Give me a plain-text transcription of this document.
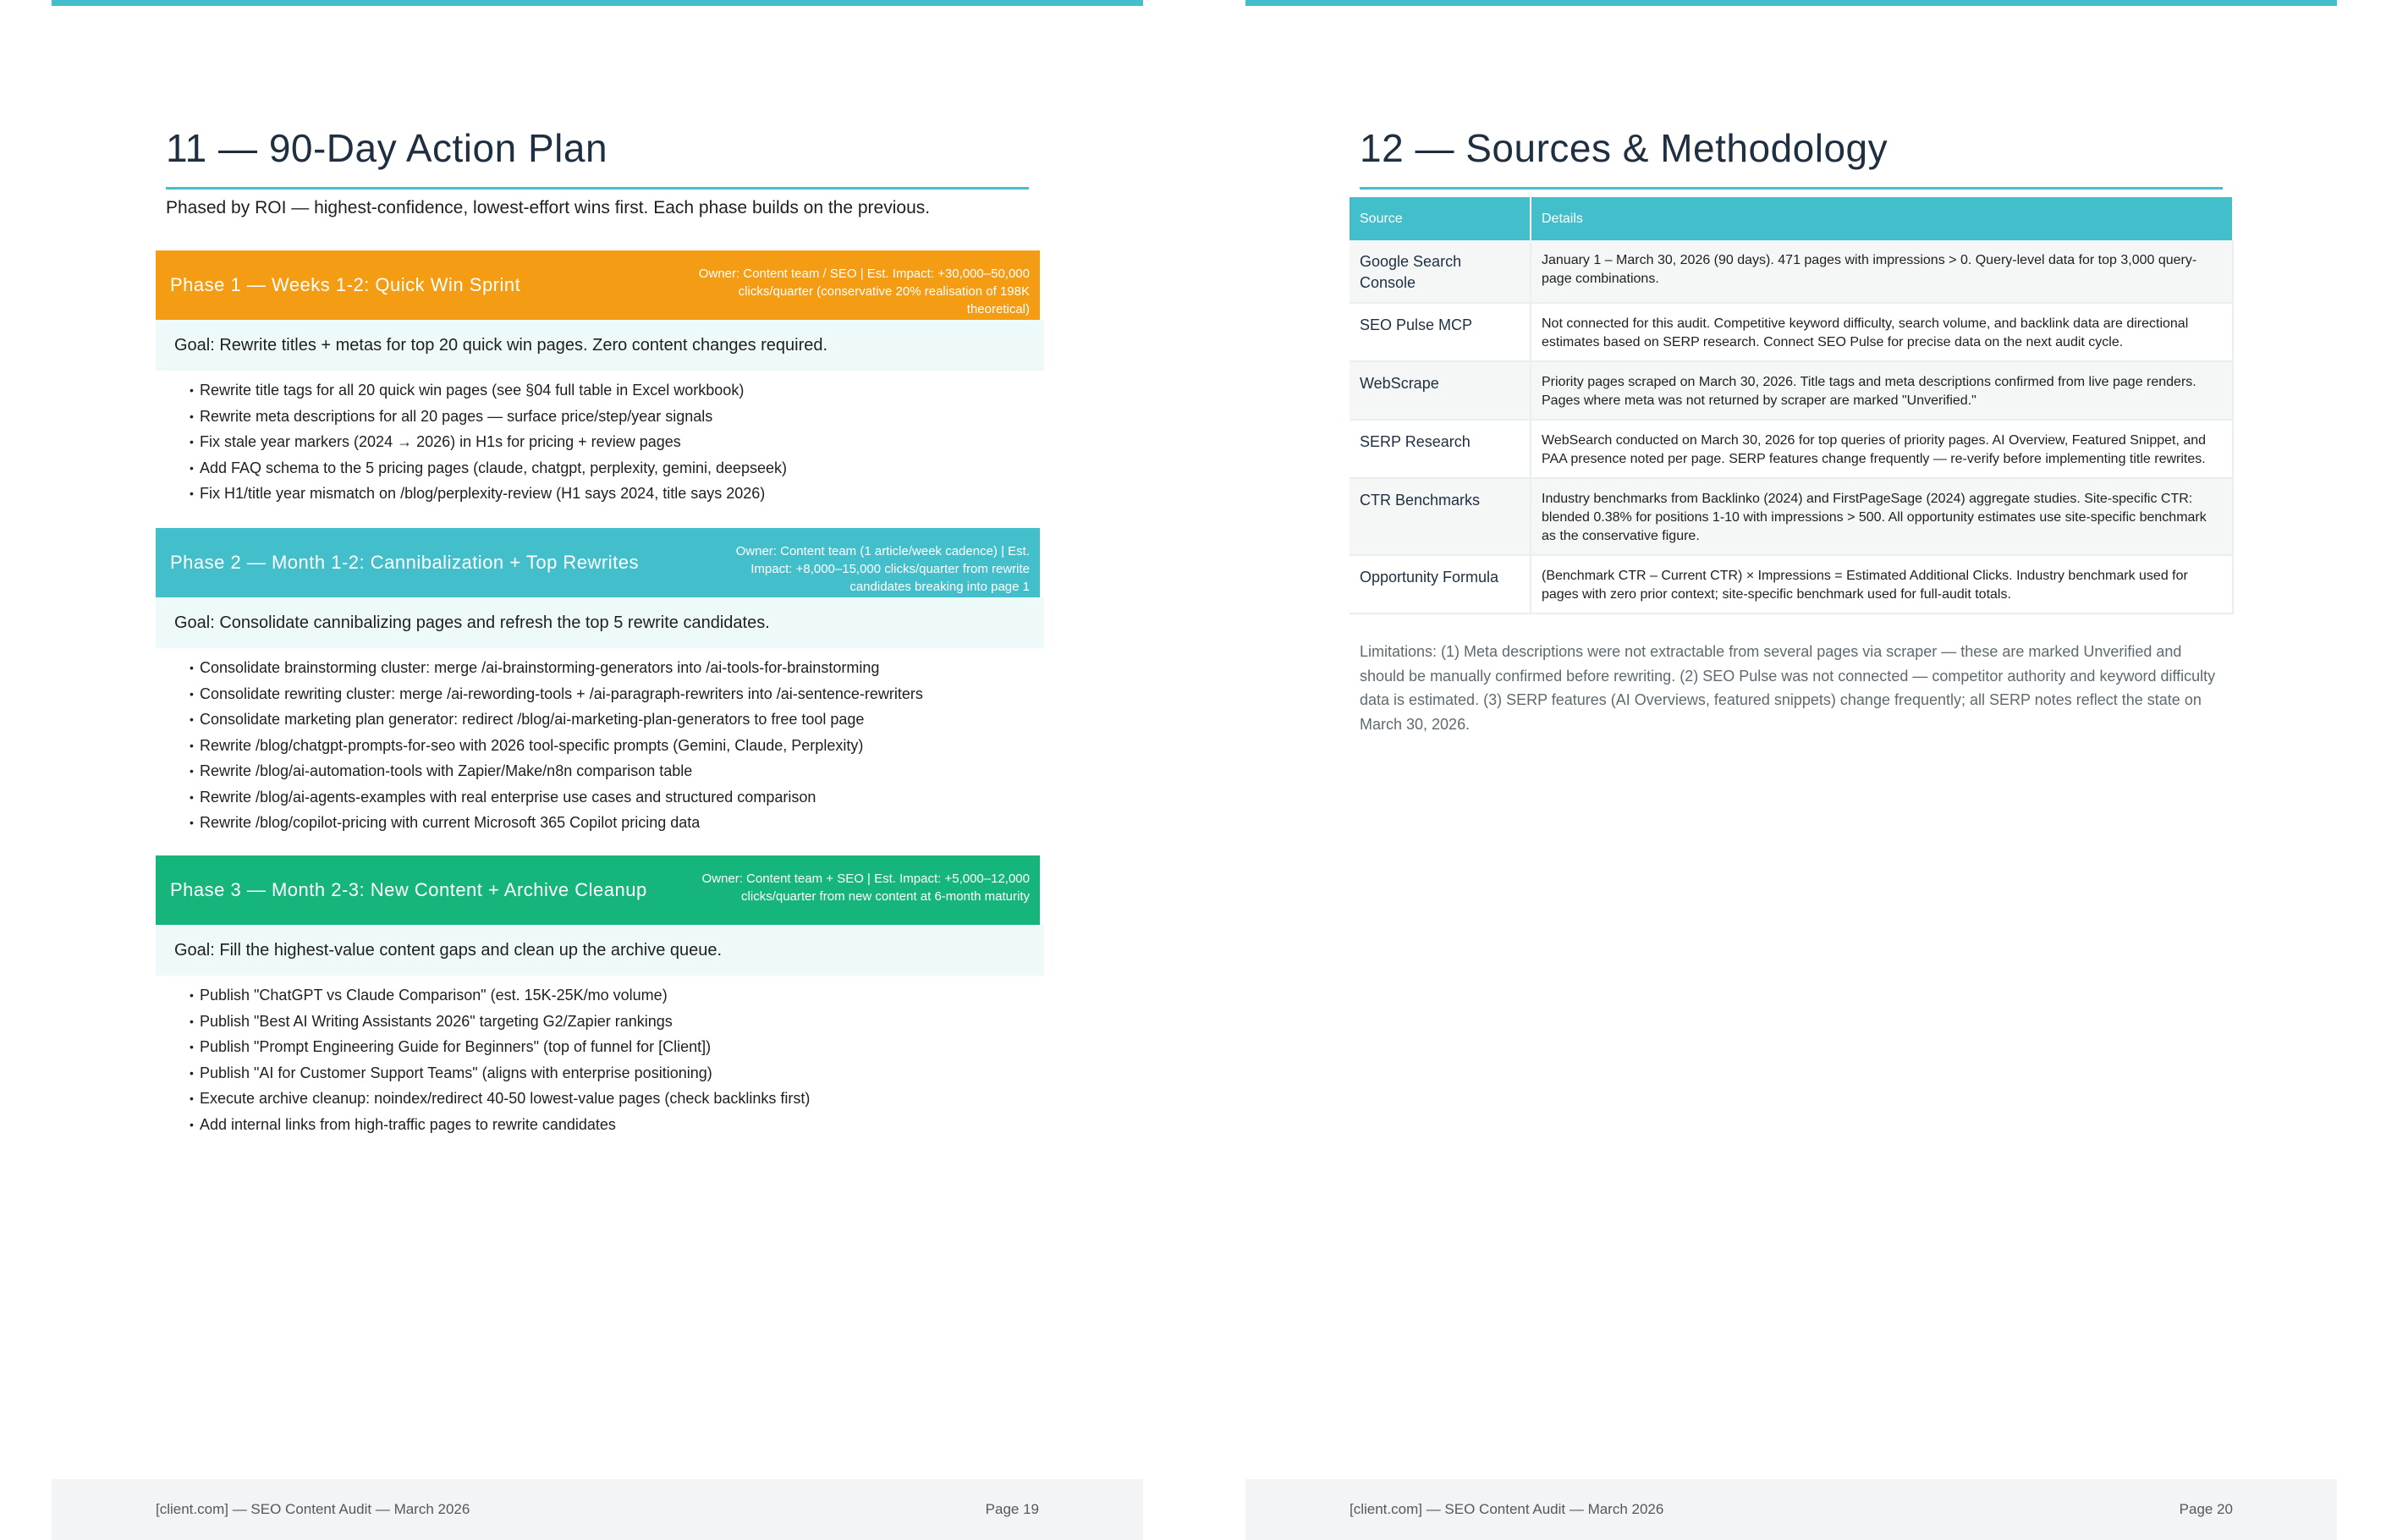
11 — 90-Day Action Plan
Phased by ROI — highest-confidence, lowest-effort wins first. Each phase builds on the previous.
Phase 1 — Weeks 1-2: Quick Win Sprint
Owner: Content team / SEO | Est. Impact: +30,000–50,000 clicks/quarter (conservative 20% realisation of 198K theoretical)
Goal: Rewrite titles + metas for top 20 quick win pages. Zero content changes required.
• Rewrite title tags for all 20 quick win pages (see §04 full table in Excel workbook)
• Rewrite meta descriptions for all 20 pages — surface price/step/year signals
• Fix stale year markers (2024 → 2026) in H1s for pricing + review pages
• Add FAQ schema to the 5 pricing pages (claude, chatgpt, perplexity, gemini, deepseek)
• Fix H1/title year mismatch on /blog/perplexity-review (H1 says 2024, title says 2026)
Phase 2 — Month 1-2: Cannibalization + Top Rewrites
Owner: Content team (1 article/week cadence) | Est. Impact: +8,000–15,000 clicks/quarter from rewrite candidates breaking into page 1
Goal: Consolidate cannibalizing pages and refresh the top 5 rewrite candidates.
• Consolidate brainstorming cluster: merge /ai-brainstorming-generators into /ai-tools-for-brainstorming
• Consolidate rewriting cluster: merge /ai-rewording-tools + /ai-paragraph-rewriters into /ai-sentence-rewriters
• Consolidate marketing plan generator: redirect /blog/ai-marketing-plan-generators to free tool page
• Rewrite /blog/chatgpt-prompts-for-seo with 2026 tool-specific prompts (Gemini, Claude, Perplexity)
• Rewrite /blog/ai-automation-tools with Zapier/Make/n8n comparison table
• Rewrite /blog/ai-agents-examples with real enterprise use cases and structured comparison
• Rewrite /blog/copilot-pricing with current Microsoft 365 Copilot pricing data
Phase 3 — Month 2-3: New Content + Archive Cleanup
Owner: Content team + SEO | Est. Impact: +5,000–12,000 clicks/quarter from new content at 6-month maturity
Goal: Fill the highest-value content gaps and clean up the archive queue.
• Publish "ChatGPT vs Claude Comparison" (est. 15K-25K/mo volume)
• Publish "Best AI Writing Assistants 2026" targeting G2/Zapier rankings
• Publish "Prompt Engineering Guide for Beginners" (top of funnel for [Client])
• Publish "AI for Customer Support Teams" (aligns with enterprise positioning)
• Execute archive cleanup: noindex/redirect 40-50 lowest-value pages (check backlinks first)
• Add internal links from high-traffic pages to rewrite candidates
[client.com] — SEO Content Audit — March 2026	Page 19
12 — Sources & Methodology
Source	Details
Google Search Console	January 1 – March 30, 2026 (90 days). 471 pages with impressions > 0. Query-level data for top 3,000 query-page combinations.
SEO Pulse MCP	Not connected for this audit. Competitive keyword difficulty, search volume, and backlink data are directional estimates based on SERP research. Connect SEO Pulse for precise data on the next audit cycle.
WebScrape	Priority pages scraped on March 30, 2026. Title tags and meta descriptions confirmed from live page renders. Pages where meta was not returned by scraper are marked "Unverified."
SERP Research	WebSearch conducted on March 30, 2026 for top queries of priority pages. AI Overview, Featured Snippet, and PAA presence noted per page. SERP features change frequently — re-verify before implementing title rewrites.
CTR Benchmarks	Industry benchmarks from Backlinko (2024) and FirstPageSage (2024) aggregate studies. Site-specific CTR: blended 0.38% for positions 1-10 with impressions > 500. All opportunity estimates use site-specific benchmark as the conservative figure.
Opportunity Formula	(Benchmark CTR – Current CTR) × Impressions = Estimated Additional Clicks. Industry benchmark used for pages with zero prior context; site-specific benchmark used for full-audit totals.
Limitations: (1) Meta descriptions were not extractable from several pages via scraper — these are marked Unverified and should be manually confirmed before rewriting. (2) SEO Pulse was not connected — competitor authority and keyword difficulty data is estimated. (3) SERP features (AI Overviews, featured snippets) change frequently; all SERP notes reflect the state on March 30, 2026.
[client.com] — SEO Content Audit — March 2026	Page 20
